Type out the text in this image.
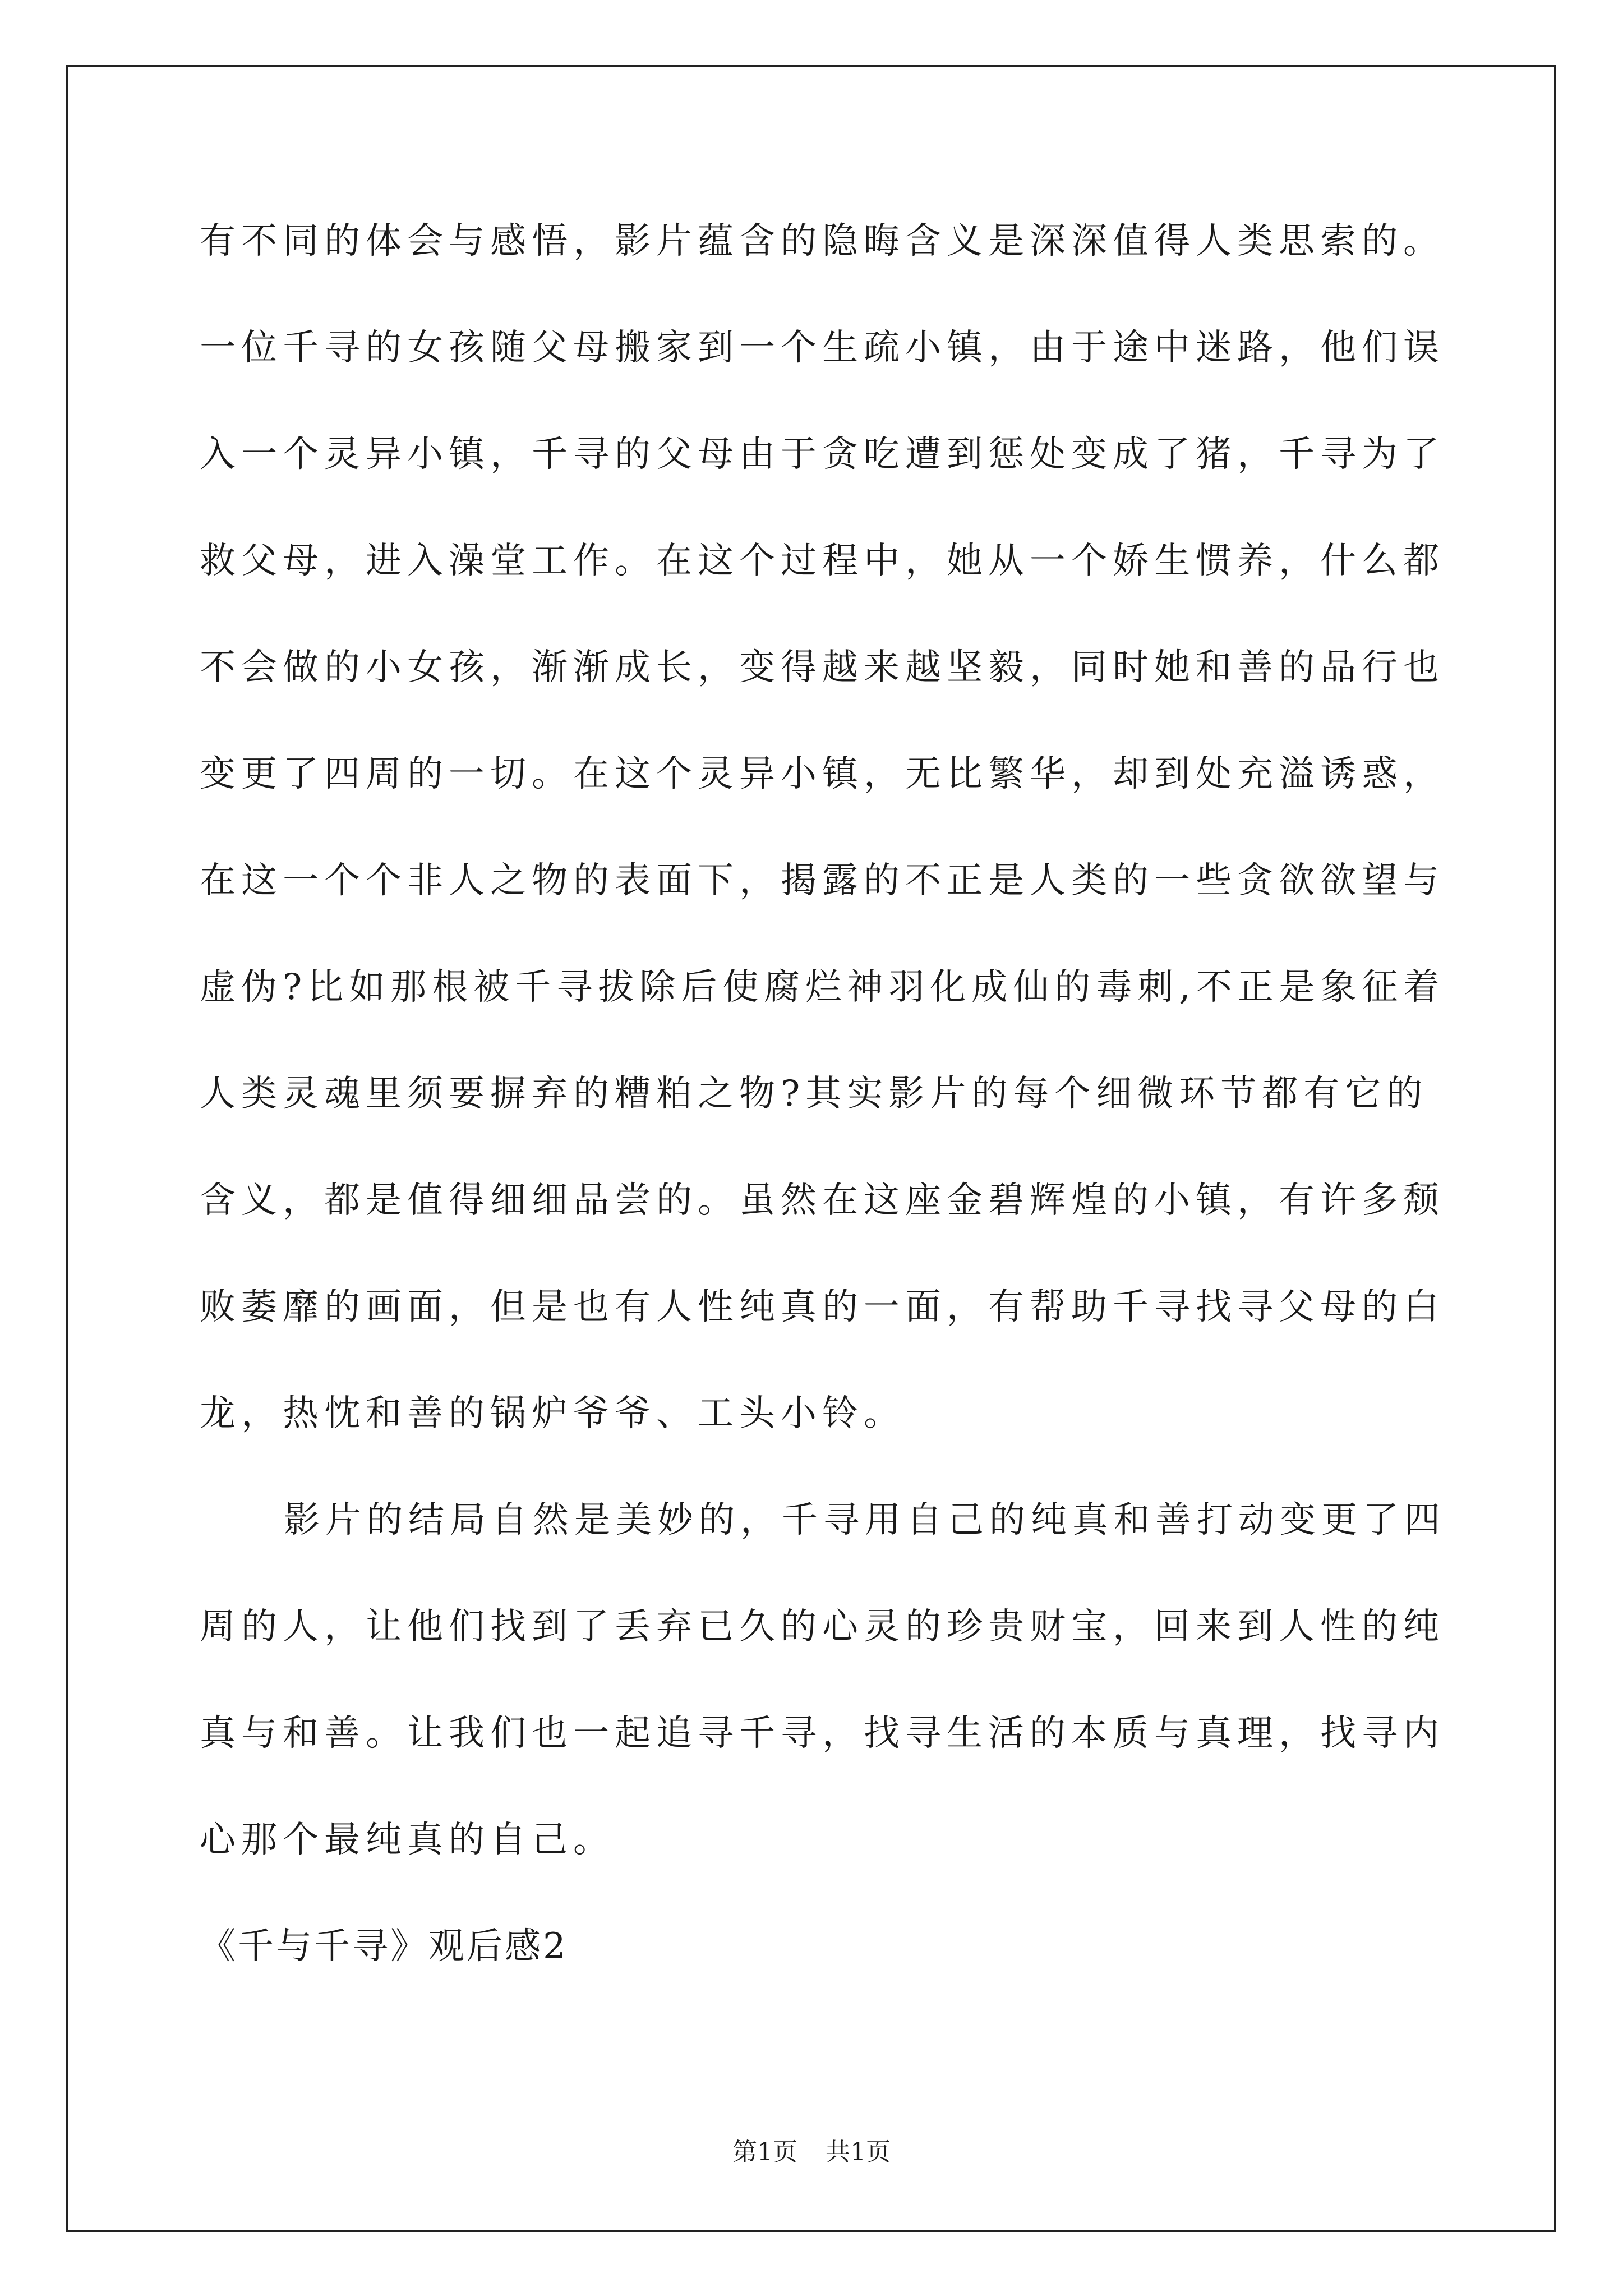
有不同的体会与感悟，影片蕴含的隐晦含义是深深值得人类思索的。
一位千寻的女孩随父母搬家到一个生疏小镇，由于途中迷路，他们误
入一个灵异小镇，千寻的父母由于贪吃遭到惩处变成了猪，千寻为了
救父母，进入澡堂工作。在这个过程中，她从一个娇生惯养，什么都
不会做的小女孩，渐渐成长，变得越来越坚毅，同时她和善的品行也
变更了四周的一切。在这个灵异小镇，无比繁华，却到处充溢诱惑，
在这一个个非人之物的表面下，揭露的不正是人类的一些贪欲欲望与
虚伪?比如那根被千寻拔除后使腐烂神羽化成仙的毒刺,不正是象征着
人类灵魂里须要摒弃的糟粕之物?其实影片的每个细微环节都有它的
含义，都是值得细细品尝的。虽然在这座金碧辉煌的小镇，有许多颓
败萎靡的画面，但是也有人性纯真的一面，有帮助千寻找寻父母的白
龙，热忱和善的锅炉爷爷、工头小铃。
影片的结局自然是美妙的，千寻用自己的纯真和善打动变更了四
周的人，让他们找到了丢弃已久的心灵的珍贵财宝，回来到人性的纯
真与和善。让我们也一起追寻千寻，找寻生活的本质与真理，找寻内
心那个最纯真的自己。
《千与千寻》观后感2
第1页 共1页
